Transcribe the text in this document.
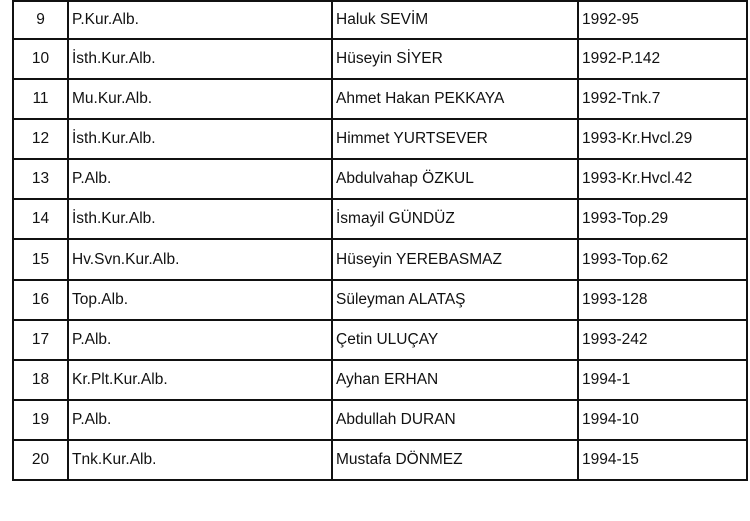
9	P.Kur.Alb.	Haluk SEVİM	1992-95
10	İsth.Kur.Alb.	Hüseyin SİYER	1992-P.142
11	Mu.Kur.Alb.	Ahmet Hakan PEKKAYA	1992-Tnk.7
12	İsth.Kur.Alb.	Himmet YURTSEVER	1993-Kr.Hvcl.29
13	P.Alb.	Abdulvahap ÖZKUL	1993-Kr.Hvcl.42
14	İsth.Kur.Alb.	İsmayil GÜNDÜZ	1993-Top.29
15	Hv.Svn.Kur.Alb.	Hüseyin YEREBASMAZ	1993-Top.62
16	Top.Alb.	Süleyman ALATAŞ	1993-128
17	P.Alb.	Çetin ULUÇAY	1993-242
18	Kr.Plt.Kur.Alb.	Ayhan ERHAN	1994-1
19	P.Alb.	Abdullah DURAN	1994-10
20	Tnk.Kur.Alb.	Mustafa DÖNMEZ	1994-15
